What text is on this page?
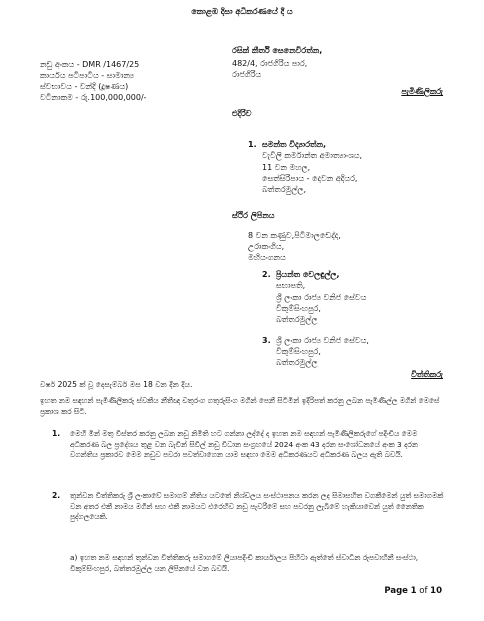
කොළඹ දිසා අධිකරණයේ දී ය
නඩු අංකය - DMR /1467/25
කාර්යය පටිපාටිය - සාමාන්‍ය
ස්වභාවය - වන්දි (දූෂණය)
වටිනාකම - රු.100,000,000/-
රසික් කීර්ති සෙනෙවිරත්න,
482/4, රාජගිරිය පාර,
රාජගිරිය
පැමිණිලිකරු
එදිරිව
1. සමන්ත විද්‍යාරත්න,
වැවිලි කර්මාන්ත අමාත්‍යාංශය,
11 වන මහල,
සෙත්සිරිපාය - දෙවන අදියර,
බත්තරමුල්ල,
ස්ථිර ලිපිනය
8 වන කණුව,පිටිමාලඩෙද්ද,
උරාකංගිය,
මහියංගනය
2. ප්‍රියන්ත වෙලඳුල්ල,
සභාපති,
ශ්‍රී ලංකා රාජ්‍ය වනිජ සේවය
විකුම්සිංහපුර,
බත්තරමුල්ල
3. ශ්‍රී ලංකා රාජ්‍ය වනිජ සේවය,
විකුම්සිංහපුර,
බත්තරමුල්ල
විත්තිකරු
වර්ෂ 2025 ක් වූ දෙසැම්බර් මස 18 වන දින දිය.
ඉහත නම සඳහන් පැමිණිලිකරු ස්වකීය නීතීඥ චතුරංග ගතුරුසිංග මගින් පෙනී සිටිමින් ඉදිරිපත් කරනු ලබන පැමිණිල්ල මගින් මෙසේ ප්‍රකාශ කර සිටී.
1. මෙහි මින් මතු විස්තර කරනු ලබන නඩු නිමිති හට ගන්නා ලද්දේ ද ඉහත නම සඳහන් පැමිණිලිකරුගේ පදිංචිය මෙම අධිකරණ බල ප්‍රදේශය තුළ වන බැවින් සිවිල් නඩු විධාන සංග්‍රහයේ 2024 අංක 43 දරන සංශෝධනයේ අංක 3 දරන වගන්තිය ප්‍රකාරව මෙම නඩුව පවරා පවත්වාගෙන යාම සඳහා මෙම අධිකරණයට අධිකරණ බලය ඇති බවයි.
2. තුන්වන විත්තිකරු ශ්‍රී ලංකාවේ සමාගම් නීතිය යටතේ නිශ්චලය සංස්ථාපනය කරන ලද සිමාසහිත වගකීමෙන් යුත් සමාගමක් වන අතර එකී නාමය මගින් සහ එකී නාමයට එරෙහිව නඩු පැවරීමේ සහ පවරනු ලැබීමේ හැකියාවෙන් යුත් නෛතික පුද්ගලයෙකි.
a) ඉහත නම සඳහන් තුන්වන විත්තිකරු සමාගමේ ලියාපදිංචි කාර්යාලය පිහිටා ඇත්තේ ස්වාධීන රූපවාහිනී සංස්ථා, විකුම්සිංහපුර, බත්තරමුල්ල යන ලිපිනයේ වන බවයි.
Page 1 of 10
